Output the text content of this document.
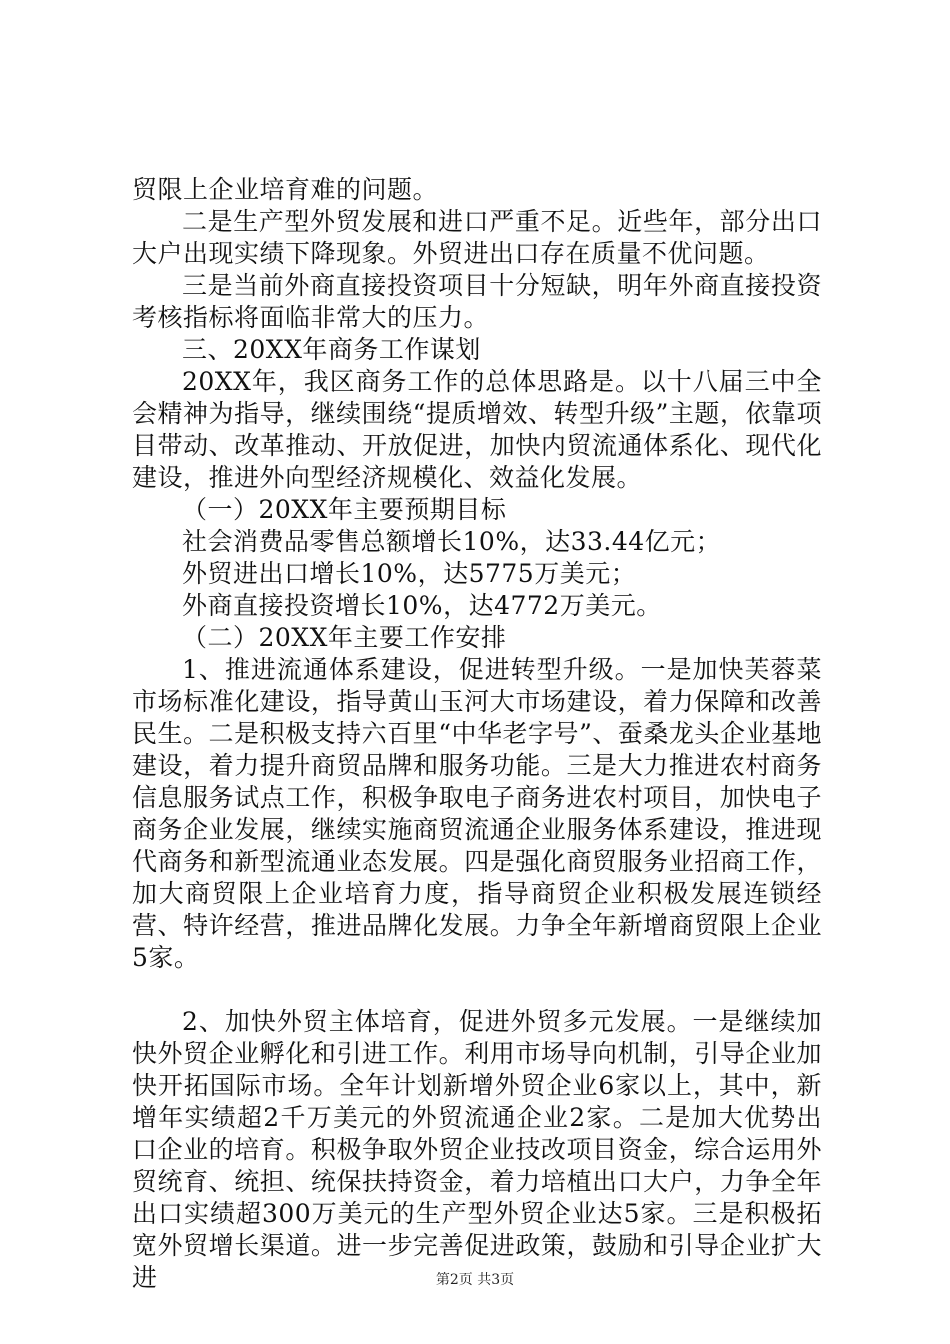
贸限上企业培育难的问题。

二是生产型外贸发展和进口严重不足。近些年，部分出口大户出现实绩下降现象。外贸进出口存在质量不优问题。

三是当前外商直接投资项目十分短缺，明年外商直接投资考核指标将面临非常大的压力。

三、20XX年商务工作谋划

20XX年，我区商务工作的总体思路是。以十八届三中全会精神为指导，继续围绕“提质增效、转型升级”主题，依靠项目带动、改革推动、开放促进，加快内贸流通体系化、现代化建设，推进外向型经济规模化、效益化发展。

（一）20XX年主要预期目标

社会消费品零售总额增长10%，达33.44亿元；

外贸进出口增长10%，达5775万美元；

外商直接投资增长10%，达4772万美元。

（二）20XX年主要工作安排

1、推进流通体系建设，促进转型升级。一是加快芙蓉菜市场标准化建设，指导黄山玉河大市场建设，着力保障和改善民生。二是积极支持六百里“中华老字号”、蚕桑龙头企业基地建设，着力提升商贸品牌和服务功能。三是大力推进农村商务信息服务试点工作，积极争取电子商务进农村项目，加快电子商务企业发展，继续实施商贸流通企业服务体系建设，推进现代商务和新型流通业态发展。四是强化商贸服务业招商工作，加大商贸限上企业培育力度，指导商贸企业积极发展连锁经营、特许经营，推进品牌化发展。力争全年新增商贸限上企业5家。

2、加快外贸主体培育，促进外贸多元发展。一是继续加快外贸企业孵化和引进工作。利用市场导向机制，引导企业加快开拓国际市场。全年计划新增外贸企业6家以上，其中，新增年实绩超2千万美元的外贸流通企业2家。二是加大优势出口企业的培育。积极争取外贸企业技改项目资金，综合运用外贸统育、统担、统保扶持资金，着力培植出口大户，力争全年出口实绩超300万美元的生产型外贸企业达5家。三是积极拓宽外贸增长渠道。进一步完善促进政策，鼓励和引导企业扩大进	第2页 共3页
